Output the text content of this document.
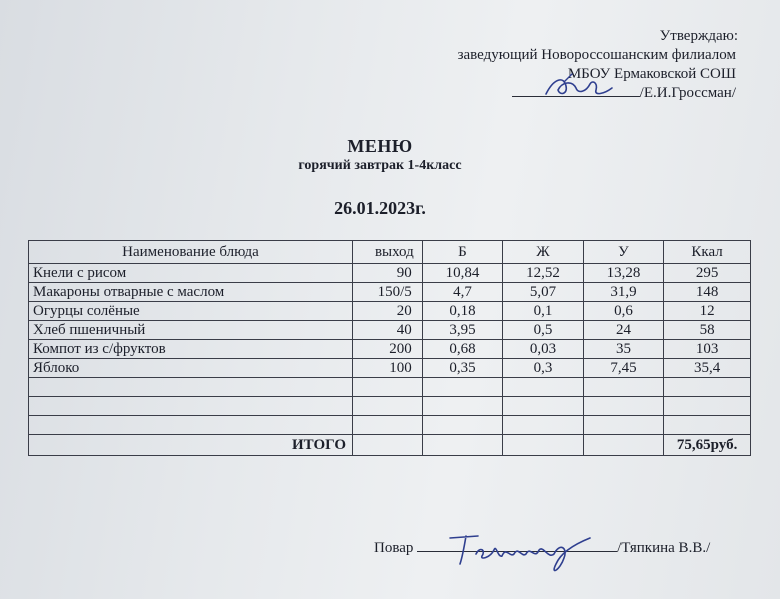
Утверждаю:
заведующий Новороссошанским филиалом
МБОУ Ермаковской СОШ
/Е.И.Гроссман/
МЕНЮ
горячий завтрак 1-4класс
26.01.2023г.
Наименование блюда	выход	Б	Ж	У	Ккал
Кнели с рисом	90	10,84	12,52	13,28	295
Макароны отварные с маслом	150/5	4,7	5,07	31,9	148
Огурцы солёные	20	0,18	0,1	0,6	12
Хлеб пшеничный	40	3,95	0,5	24	58
Компот из с/фруктов	200	0,68	0,03	35	103
Яблоко	100	0,35	0,3	7,45	35,4

ИТОГО					75,65руб.
Повар	/Тяпкина В.В./
